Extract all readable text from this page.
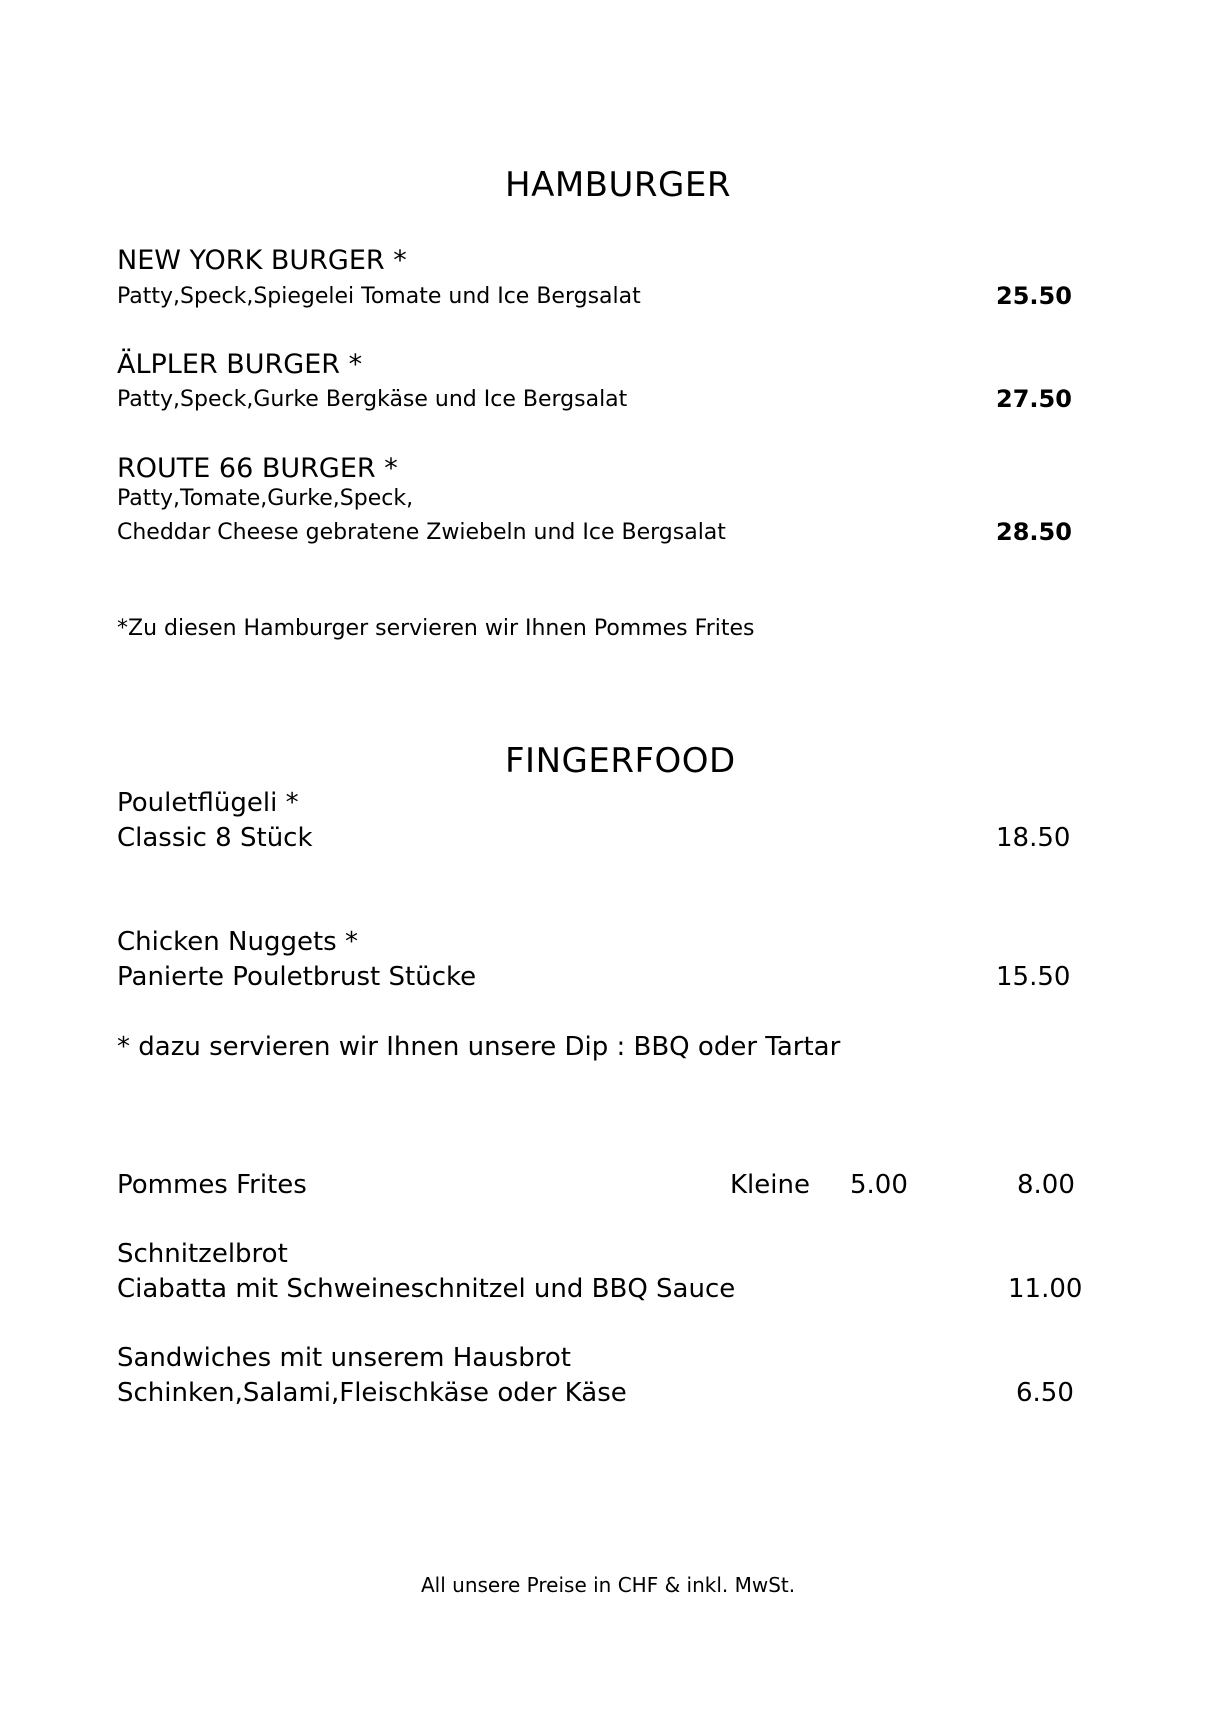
HAMBURGER
NEW YORK BURGER *
Patty,Speck,Spiegelei Tomate und Ice Bergsalat	25.50
ÄLPLER BURGER *
Patty,Speck,Gurke Bergkäse und Ice Bergsalat	27.50
ROUTE 66 BURGER *
Patty,Tomate,Gurke,Speck,
Cheddar Cheese gebratene Zwiebeln und Ice Bergsalat	28.50
*Zu diesen Hamburger servieren wir Ihnen Pommes Frites
FINGERFOOD
Pouletflügeli *
Classic 8 Stück	18.50
Chicken Nuggets *
Panierte Pouletbrust Stücke	15.50
* dazu servieren wir Ihnen unsere Dip : BBQ oder Tartar
Pommes Frites	Kleine 5.00	8.00
Schnitzelbrot
Ciabatta mit Schweineschnitzel und BBQ Sauce	11.00
Sandwiches mit unserem Hausbrot
Schinken,Salami,Fleischkäse oder Käse	6.50
All unsere Preise in CHF & inkl. MwSt.
